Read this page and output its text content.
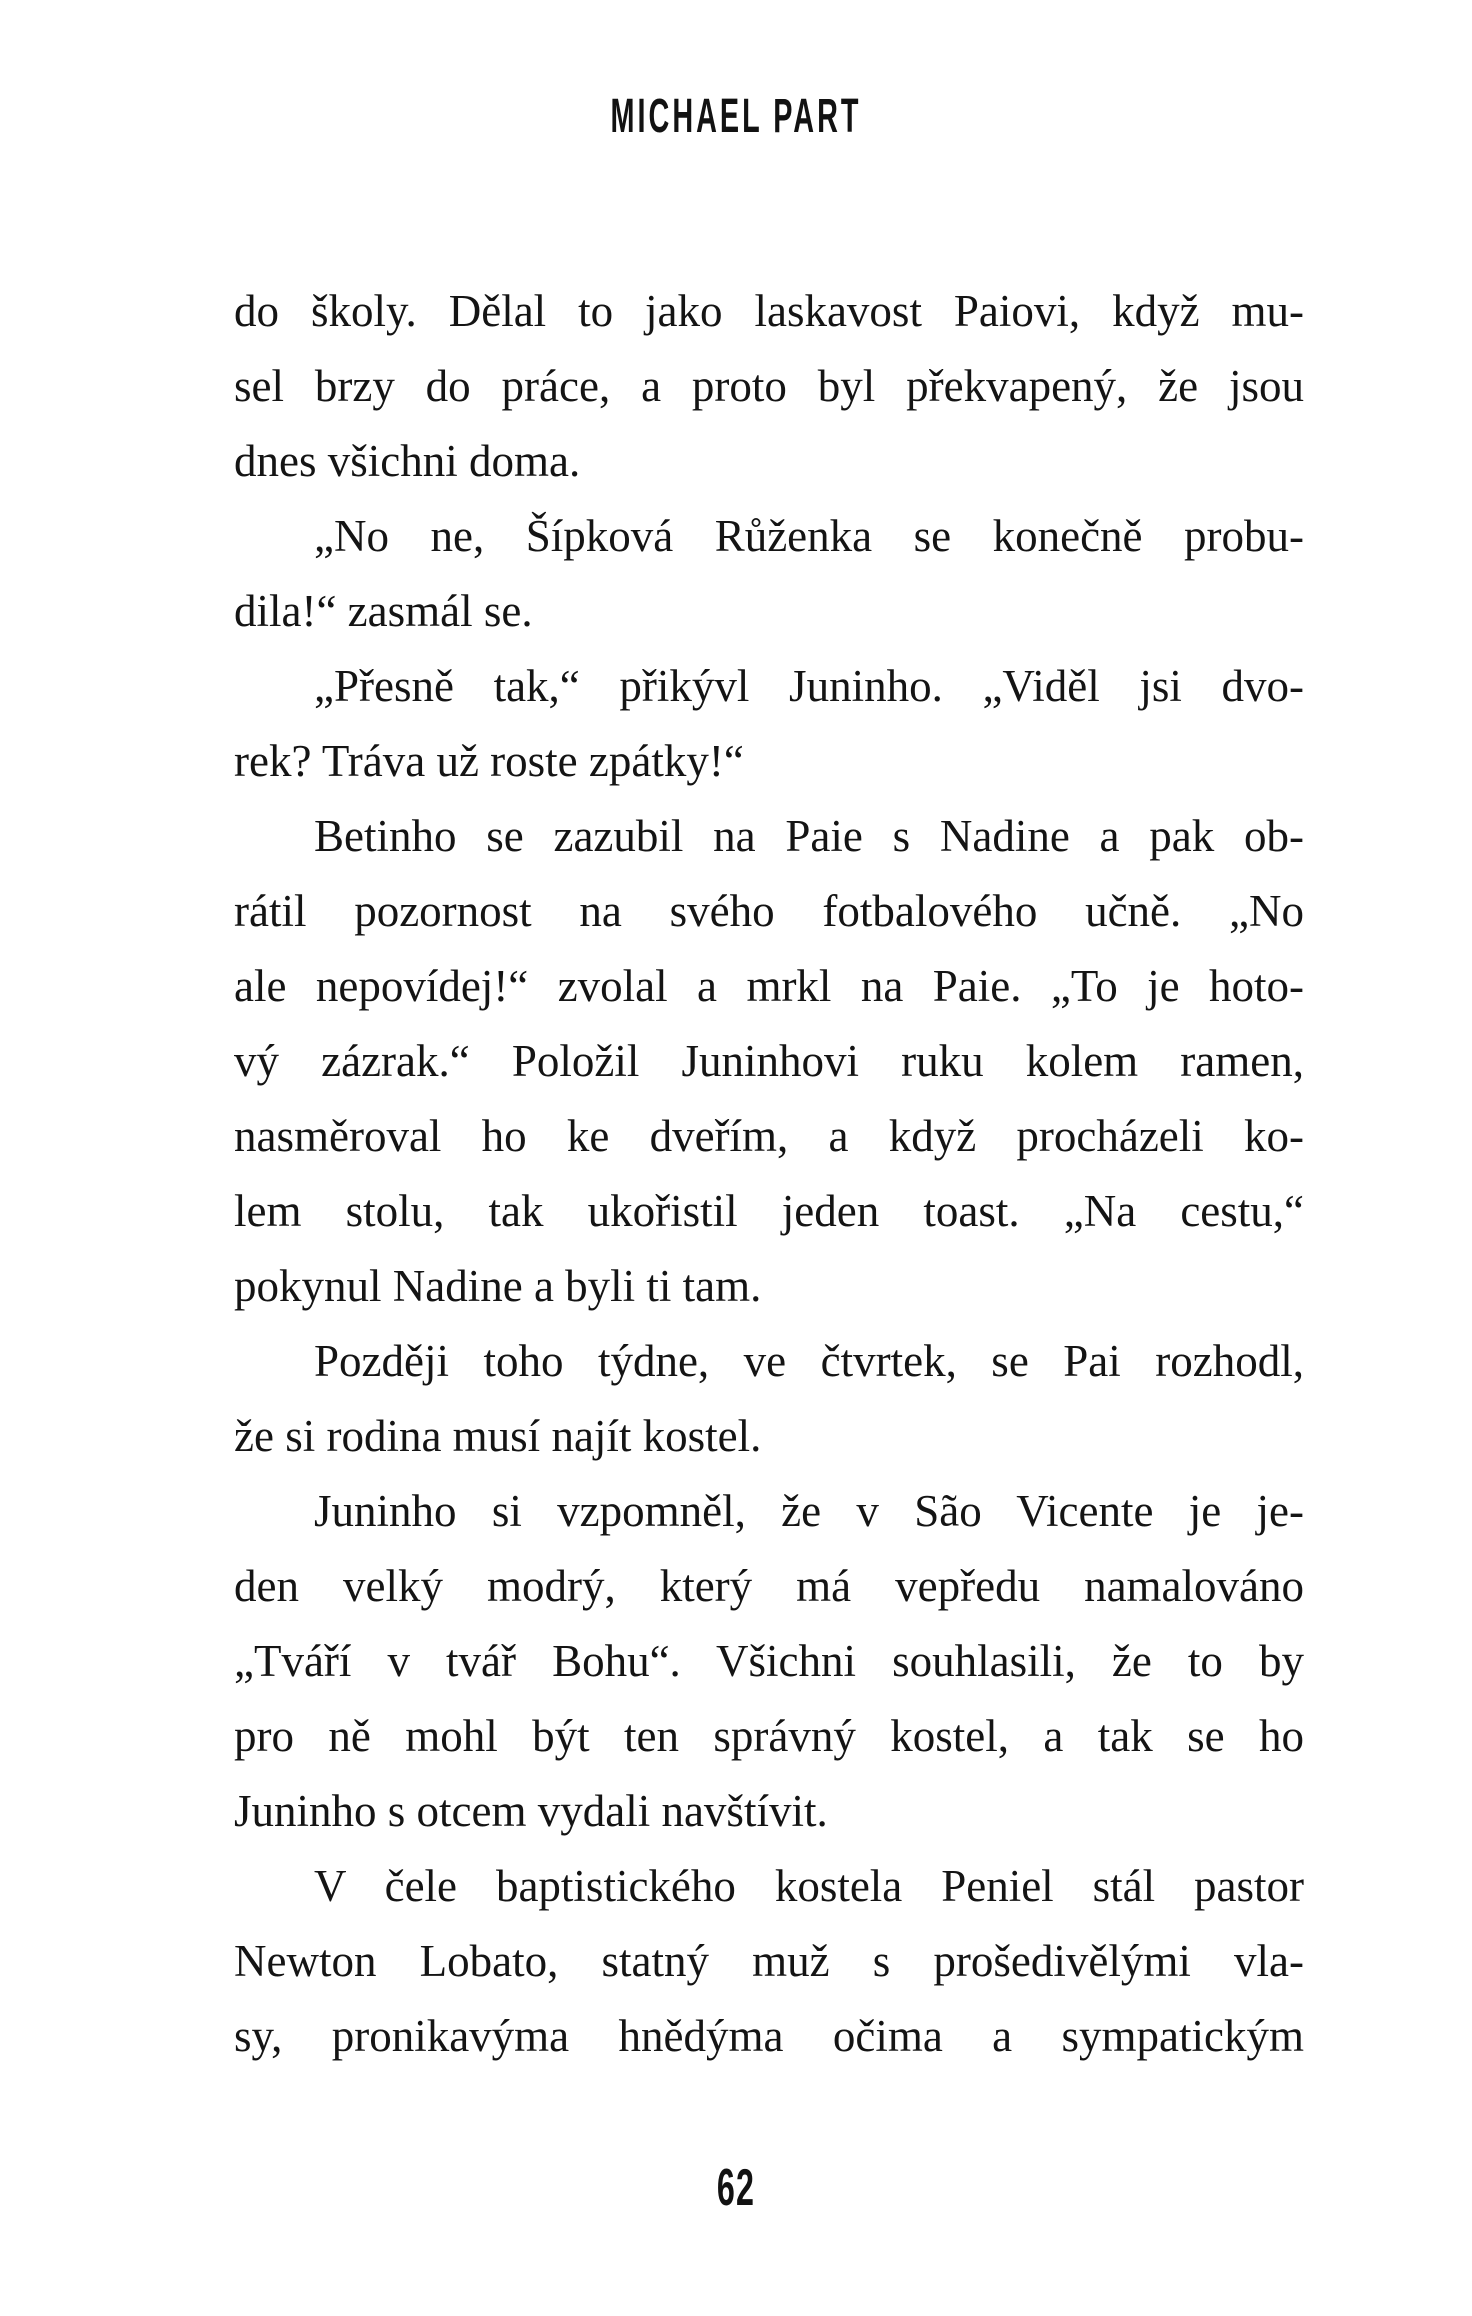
MICHAEL PART
do školy. Dělal to jako laskavost Paiovi, když mu-
sel brzy do práce, a proto byl překvapený, že jsou
dnes všichni doma.
„No ne, Šípková Růženka se konečně probu-
dila!“ zasmál se.
„Přesně tak,“ přikývl Juninho. „Viděl jsi dvo-
rek? Tráva už roste zpátky!“
Betinho se zazubil na Paie s Nadine a pak ob-
rátil pozornost na svého fotbalového učně. „No
ale nepovídej!“ zvolal a mrkl na Paie. „To je hoto-
vý zázrak.“ Položil Juninhovi ruku kolem ramen,
nasměroval ho ke dveřím, a když procházeli ko-
lem stolu, tak ukořistil jeden toast. „Na cestu,“
pokynul Nadine a byli ti tam.
Později toho týdne, ve čtvrtek, se Pai rozhodl,
že si rodina musí najít kostel.
Juninho si vzpomněl, že v São Vicente je je-
den velký modrý, který má vepředu namalováno
„Tváří v tvář Bohu“. Všichni souhlasili, že to by
pro ně mohl být ten správný kostel, a tak se ho
Juninho s otcem vydali navštívit.
V čele baptistického kostela Peniel stál pastor
Newton Lobato, statný muž s prošedivělými vla-
sy, pronikavýma hnědýma očima a sympatickým
62
